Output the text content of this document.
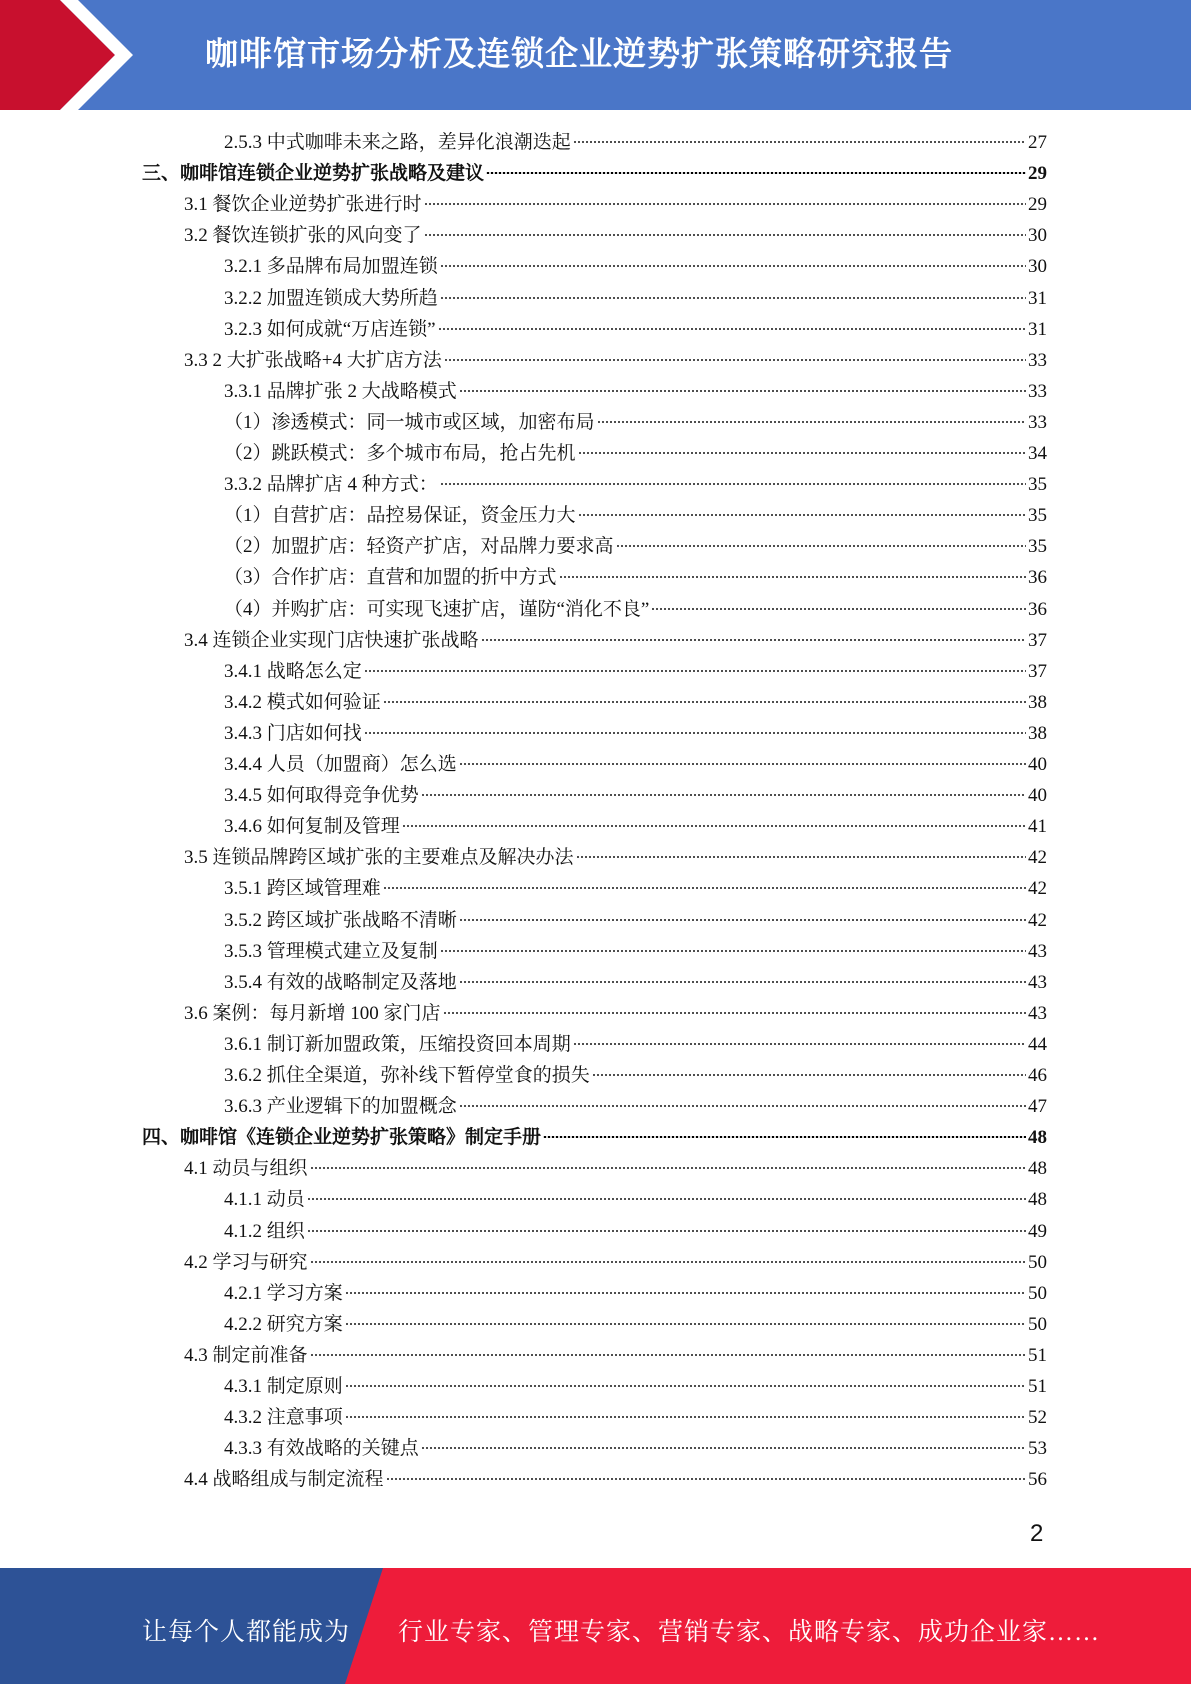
咖啡馆市场分析及连锁企业逆势扩张策略研究报告
2.5.3 中式咖啡未来之路，差异化浪潮迭起	27
三、咖啡馆连锁企业逆势扩张战略及建议	29
3.1 餐饮企业逆势扩张进行时	29
3.2 餐饮连锁扩张的风向变了	30
3.2.1 多品牌布局加盟连锁	30
3.2.2 加盟连锁成大势所趋	31
3.2.3 如何成就“万店连锁”	31
3.3 2 大扩张战略+4 大扩店方法	33
3.3.1 品牌扩张 2 大战略模式	33
（1）渗透模式：同一城市或区域，加密布局	33
（2）跳跃模式：多个城市布局，抢占先机	34
3.3.2 品牌扩店 4 种方式：	35
（1）自营扩店：品控易保证，资金压力大	35
（2）加盟扩店：轻资产扩店，对品牌力要求高	35
（3）合作扩店：直营和加盟的折中方式	36
（4）并购扩店：可实现飞速扩店，谨防“消化不良”	36
3.4 连锁企业实现门店快速扩张战略	37
3.4.1 战略怎么定	37
3.4.2 模式如何验证	38
3.4.3 门店如何找	38
3.4.4 人员（加盟商）怎么选	40
3.4.5 如何取得竞争优势	40
3.4.6 如何复制及管理	41
3.5 连锁品牌跨区域扩张的主要难点及解决办法	42
3.5.1 跨区域管理难	42
3.5.2 跨区域扩张战略不清晰	42
3.5.3 管理模式建立及复制	43
3.5.4 有效的战略制定及落地	43
3.6 案例：每月新增 100 家门店	43
3.6.1 制订新加盟政策，压缩投资回本周期	44
3.6.2 抓住全渠道，弥补线下暂停堂食的损失	46
3.6.3 产业逻辑下的加盟概念	47
四、咖啡馆《连锁企业逆势扩张策略》制定手册	48
4.1 动员与组织	48
4.1.1 动员	48
4.1.2 组织	49
4.2 学习与研究	50
4.2.1 学习方案	50
4.2.2 研究方案	50
4.3 制定前准备	51
4.3.1 制定原则	51
4.3.2 注意事项	52
4.3.3 有效战略的关键点	53
4.4 战略组成与制定流程	56
2
让每个人都能成为 行业专家、管理专家、营销专家、战略专家、成功企业家……
